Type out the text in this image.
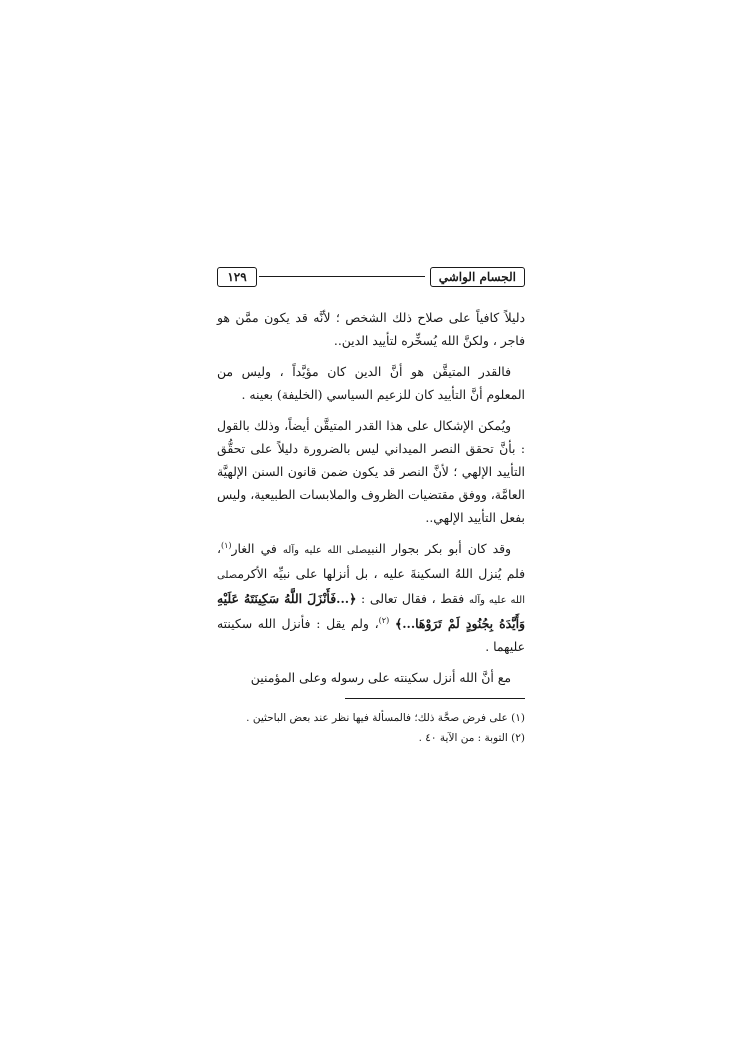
الجسام الواشي
١٢٩

دليلاً كافياً على صلاح ذلك الشخص ؛ لأنَّه قد يكون ممَّن هو فاجر ، ولكنَّ الله يُسخِّره لتأييد الدين..

فالقدر المتيقَّن هو أنَّ الدين كان مؤيَّداً ، وليس من المعلوم أنَّ التأييد كان للزعيم السياسي (الخليفة) بعينه .

ويُمكن الإشكال على هذا القدر المتيقَّن أيضاً، وذلك بالقول : بأنَّ تحقق النصر الميداني ليس بالضرورة دليلاً على تحقُّق التأييد الإلهي ؛ لأنَّ النصر قد يكون ضمن قانون السنن الإلهيَّة العامَّة، ووفق مقتضيات الظروف والملابسات الطبيعية، وليس بفعل التأييد الإلهي..

وقد كان أبو بكر بجوار النبيصلى الله عليه وآله في الغار$^{(١)}$، فلم يُنزل اللهُ السكينةَ عليه ، بل أنزلها على نبيِّه الأكرمصلى الله عليه وآله فقط ، فقال تعالى : ﴿...فَأَنْزَلَ اللَّهُ سَكِينَتَهُ عَلَيْهِ وَأَيَّدَهُ بِجُنُودٍ لَمْ تَرَوْهَا...﴾ $^{(٢)}$، ولم يقل : فأنزل الله سكينته عليهما .

مع أنَّ الله أنزل سكينته على رسوله وعلى المؤمنين

(١) على فرض صحَّة ذلك؛ فالمسألة فيها نظر عند بعض الباحثين .
(٢) التوبة : من الآية ٤٠ .
